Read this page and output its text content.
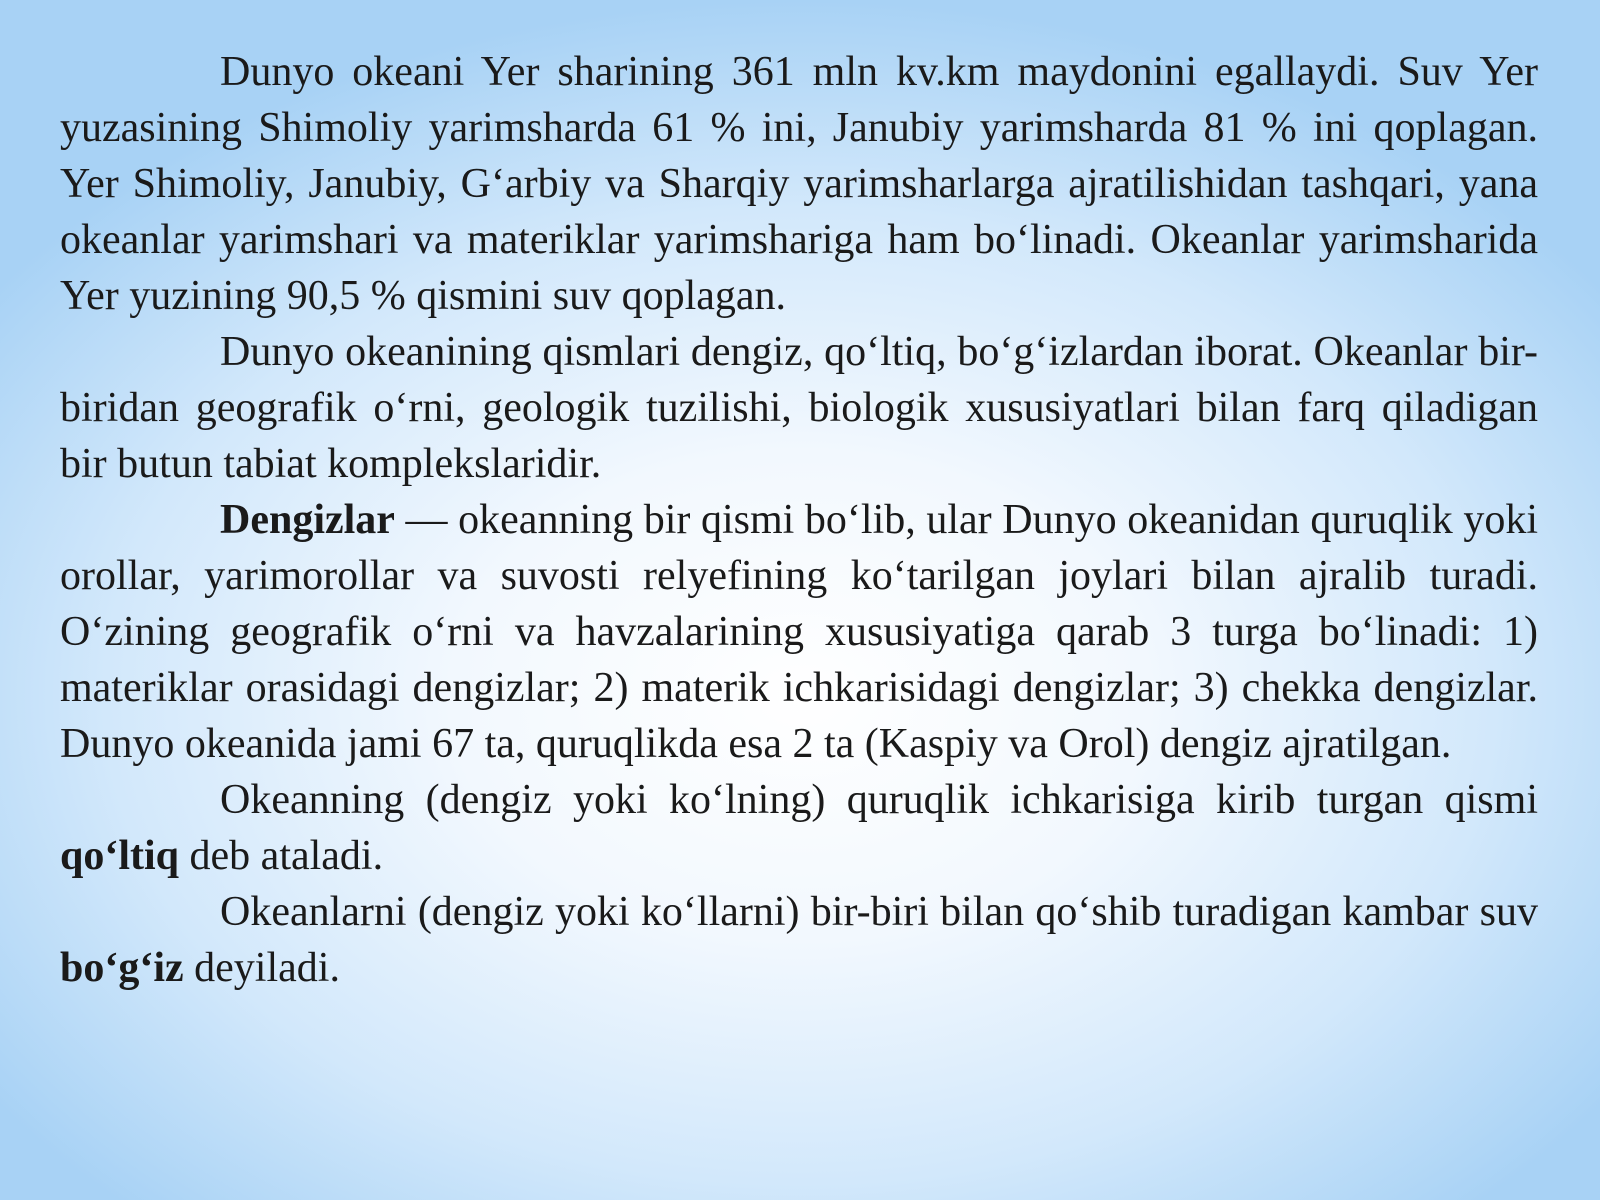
Dunyo okeani Yer sharining 361 mln kv.km maydonini egallaydi. Suv Yer yuzasining Shimoliy yarimsharda 61 % ini, Janubiy yarimsharda 81 % ini qoplagan. Yer Shimoliy, Janubiy, G‘arbiy va Sharqiy yarimsharlarga ajratilishidan tashqari, yana okeanlar yarimshari va materiklar yarimshariga ham bo‘linadi. Okeanlar yarimsharida Yer yuzining 90,5 % qismini suv qoplagan.

Dunyo okeanining qismlari dengiz, qo‘ltiq, bo‘g‘izlardan iborat. Okeanlar bir-biridan geografik o‘rni, geologik tuzilishi, biologik xususiyatlari bilan farq qiladigan bir butun tabiat komplekslaridir.

Dengizlar — okeanning bir qismi bo‘lib, ular Dunyo okeanidan quruqlik yoki orollar, yarimorollar va suvosti relyefining ko‘tarilgan joylari bilan ajralib turadi. O‘zining geografik o‘rni va havzalarining xususiyatiga qarab 3 turga bo‘linadi: 1) materiklar orasidagi dengizlar; 2) materik ichkarisidagi dengizlar; 3) chekka dengizlar. Dunyo okeanida jami 67 ta, quruqlikda esa 2 ta (Kaspiy va Orol) dengiz ajratilgan.

Okeanning (dengiz yoki ko‘lning) quruqlik ichkarisiga kirib turgan qismi qo‘ltiq deb ataladi.

Okeanlarni (dengiz yoki ko‘llarni) bir-biri bilan qo‘shib turadigan kambar suv bo‘g‘iz deyiladi.
